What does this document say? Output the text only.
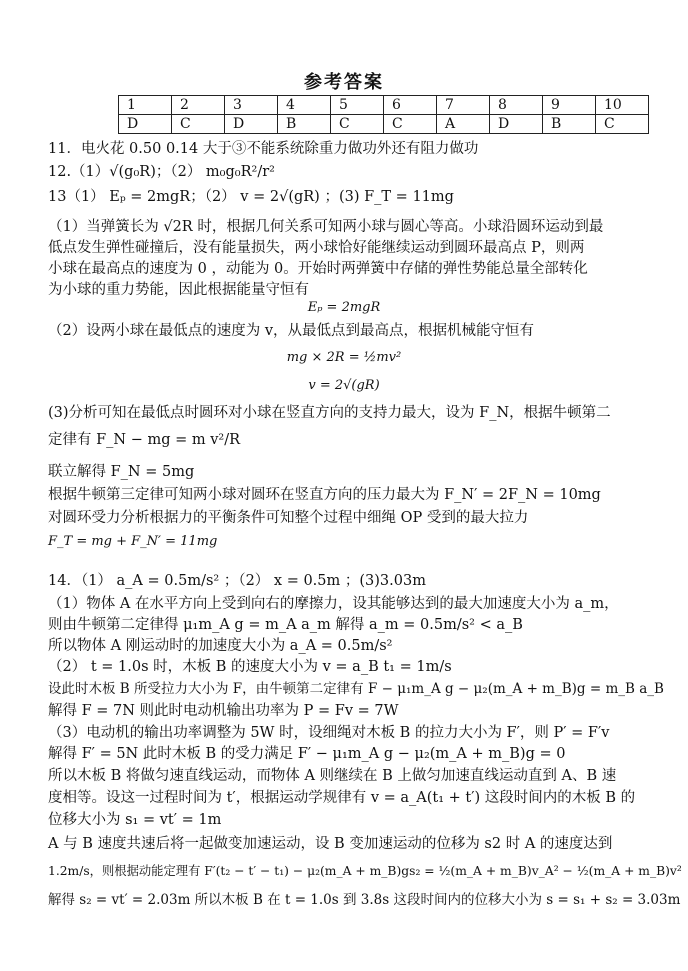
参考答案
1	2	3	4	5	6	7	8	9	10
D	C	D	B	C	C	A	D	B	C
11．电火花 0.50 0.14 大于③不能系统除重力做功外还有阻力做功
12.（1）√(g₀R)；（2） m₀g₀R²/r²
13（1） Eₚ = 2mgR；（2） v = 2√(gR) ；(3) F_T = 11mg
（1）当弹簧长为 √2R 时，根据几何关系可知两小球与圆心等高。小球沿圆环运动到最
低点发生弹性碰撞后，没有能量损失，两小球恰好能继续运动到圆环最高点 P，则两
小球在最高点的速度为 0 ，动能为 0。开始时两弹簧中存储的弹性势能总量全部转化
为小球的重力势能，因此根据能量守恒有
Eₚ = 2mgR
（2）设两小球在最低点的速度为 v，从最低点到最高点，根据机械能守恒有
mg × 2R = ½mv²
v = 2√(gR)
(3)分析可知在最低点时圆环对小球在竖直方向的支持力最大，设为 F_N，根据牛顿第二
定律有 F_N − mg = m v²/R
联立解得 F_N = 5mg
根据牛顿第三定律可知两小球对圆环在竖直方向的压力最大为 F_N′ = 2F_N = 10mg
对圆环受力分析根据力的平衡条件可知整个过程中细绳 OP 受到的最大拉力
F_T = mg + F_N′ = 11mg
14．（1） a_A = 0.5m/s² ；（2） x = 0.5m ；(3)3.03m
（1）物体 A 在水平方向上受到向右的摩擦力，设其能够达到的最大加速度大小为 a_m，
则由牛顿第二定律得 μ₁m_A g = m_A a_m 解得 a_m = 0.5m/s² < a_B
所以物体 A 刚运动时的加速度大小为 a_A = 0.5m/s²
（2） t = 1.0s 时，木板 B 的速度大小为 v = a_B t₁ = 1m/s
设此时木板 B 所受拉力大小为 F，由牛顿第二定律有 F − μ₁m_A g − μ₂(m_A + m_B)g = m_B a_B
解得 F = 7N 则此时电动机输出功率为 P = Fv = 7W
（3）电动机的输出功率调整为 5W 时，设细绳对木板 B 的拉力大小为 F′，则 P′ = F′v
解得 F′ = 5N 此时木板 B 的受力满足 F′ − μ₁m_A g − μ₂(m_A + m_B)g = 0
所以木板 B 将做匀速直线运动，而物体 A 则继续在 B 上做匀加速直线运动直到 A、B 速
度相等。设这一过程时间为 t′，根据运动学规律有 v = a_A(t₁ + t′) 这段时间内的木板 B 的
位移大小为 s₁ = vt′ = 1m
A 与 B 速度共速后将一起做变加速运动，设 B 变加速运动的位移为 s2 时 A 的速度达到
1.2m/s，则根据动能定理有 F′(t₂ − t′ − t₁) − μ₂(m_A + m_B)gs₂ = ½(m_A + m_B)v_A² − ½(m_A + m_B)v²
解得 s₂ = vt′ = 2.03m 所以木板 B 在 t = 1.0s 到 3.8s 这段时间内的位移大小为 s = s₁ + s₂ = 3.03m
